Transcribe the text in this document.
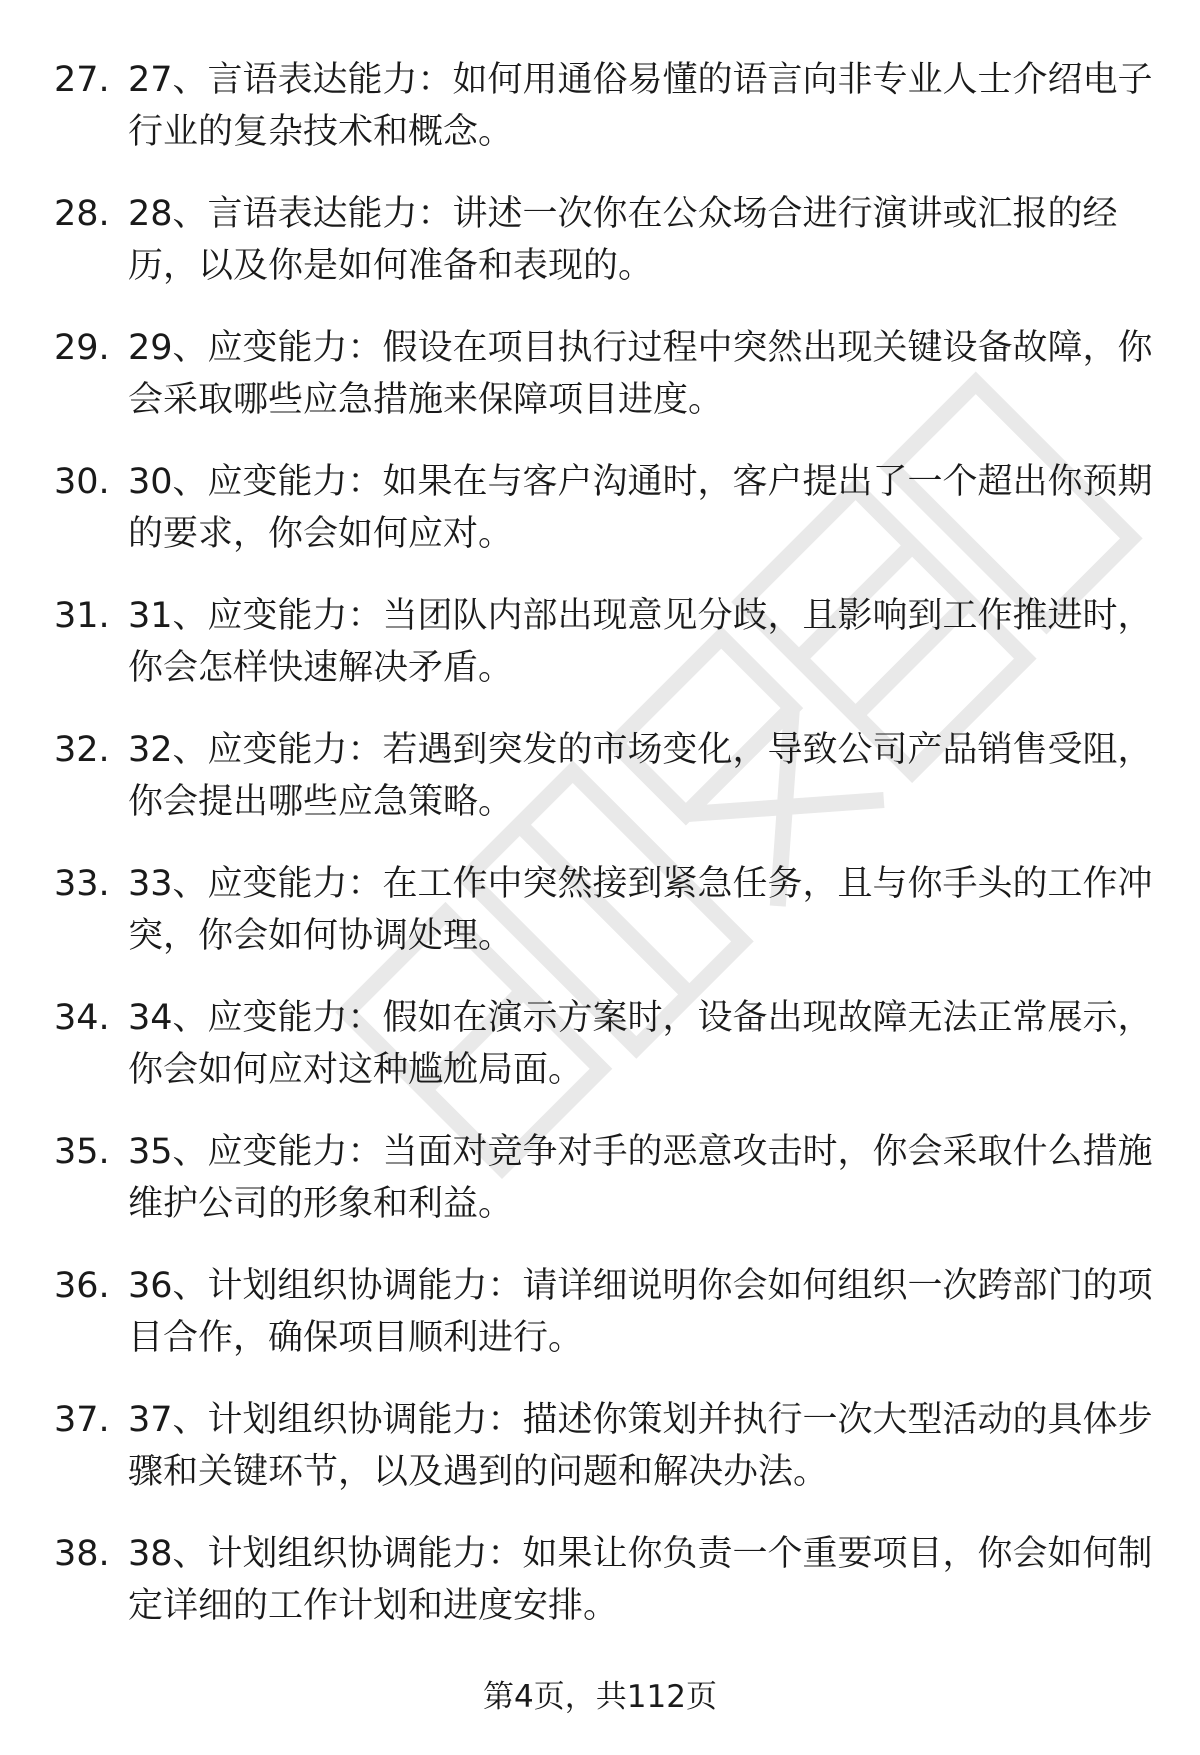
27. 27、言语表达能力：如何用通俗易懂的语言向非专业人士介绍电子行业的复杂技术和概念。
28. 28、言语表达能力：讲述一次你在公众场合进行演讲或汇报的经历，以及你是如何准备和表现的。
29. 29、应变能力：假设在项目执行过程中突然出现关键设备故障，你会采取哪些应急措施来保障项目进度。
30. 30、应变能力：如果在与客户沟通时，客户提出了一个超出你预期的要求，你会如何应对。
31. 31、应变能力：当团队内部出现意见分歧，且影响到工作推进时，你会怎样快速解决矛盾。
32. 32、应变能力：若遇到突发的市场变化，导致公司产品销售受阻，你会提出哪些应急策略。
33. 33、应变能力：在工作中突然接到紧急任务，且与你手头的工作冲突，你会如何协调处理。
34. 34、应变能力：假如在演示方案时，设备出现故障无法正常展示，你会如何应对这种尴尬局面。
35. 35、应变能力：当面对竞争对手的恶意攻击时，你会采取什么措施维护公司的形象和利益。
36. 36、计划组织协调能力：请详细说明你会如何组织一次跨部门的项目合作，确保项目顺利进行。
37. 37、计划组织协调能力：描述你策划并执行一次大型活动的具体步骤和关键环节，以及遇到的问题和解决办法。
38. 38、计划组织协调能力：如果让你负责一个重要项目，你会如何制定详细的工作计划和进度安排。
第4页，共112页
